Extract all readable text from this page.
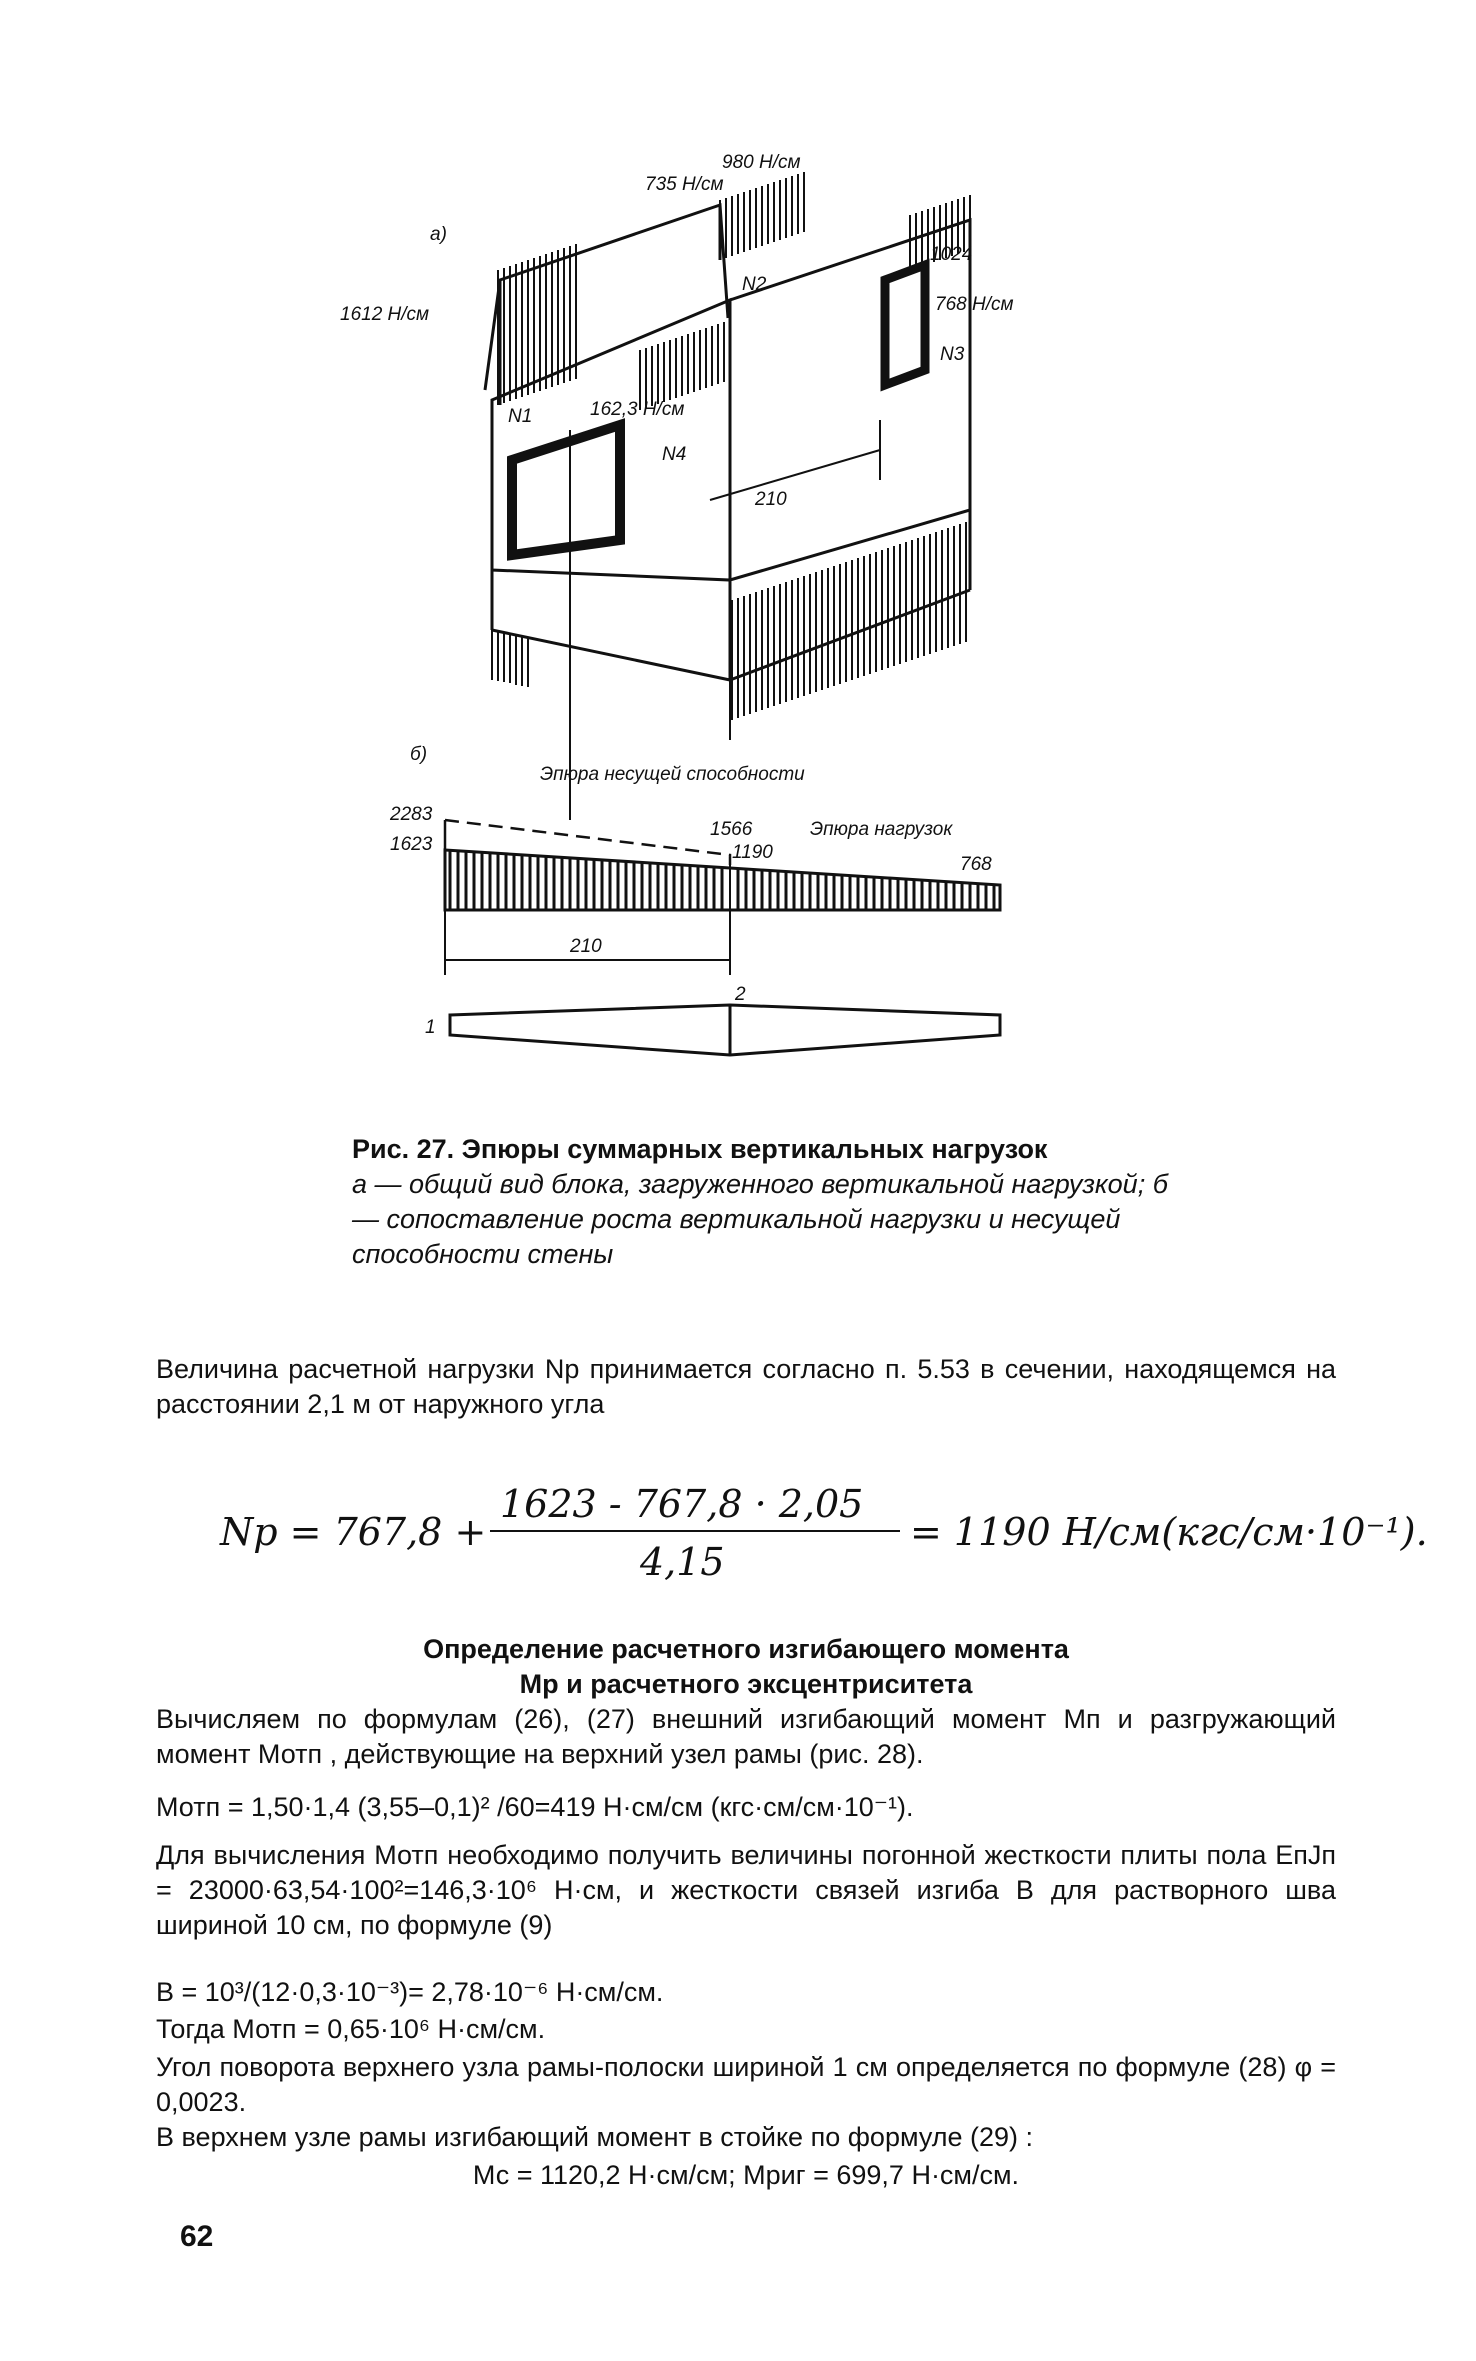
а)
210
735 Н/см
980 Н/см
1612 Н/см
1024
768 Н/см
162,3 Н/см
N1
N2
N3
N4
б)
Эпюра несущей способности
Эпюра нагрузок
2283
1623
1566
1190
768
210
1
2
Рис. 27. Эпюры суммарных вертикальных нагрузок
а — общий вид блока, загруженного вертикальной нагрузкой; б — сопоставление роста вертикальной нагрузки и несущей способности стены
Величина расчетной нагрузки Nр принимается согласно п. 5.53 в сечении, находящемся на расстоянии 2,1 м от наружного угла
Nр = 767,8 +
1623 - 767,8 · 2,05
4,15
= 1190 Н/см(кгс/см·10⁻¹).
Определение расчетного изгибающего момента
Мр и расчетного эксцентриситета
Вычисляем по формулам (26), (27) внешний изгибающий момент Мп и разгружающий момент Мотп , действующие на верхний узел рамы (рис. 28).
Мотп = 1,50·1,4 (3,55–0,1)² /60=419 Н·см/см (кгс·см/см·10⁻¹).
Для вычисления Мотп необходимо получить величины погонной жесткости плиты пола EпJп = 23000·63,54·100²=146,3·10⁶ Н·см, и жесткости связей изгиба В для растворного шва шириной 10 см, по формуле (9)
В = 10³/(12·0,3·10⁻³)= 2,78·10⁻⁶ Н·см/см.
Тогда Мотп = 0,65·10⁶ Н·см/см.
Угол поворота верхнего узла рамы-полоски шириной 1 см определяется по формуле (28) φ = 0,0023.
В верхнем узле рамы изгибающий момент в стойке по формуле (29) :
Мс = 1120,2 Н·см/см; Мриг = 699,7 Н·см/см.
62
